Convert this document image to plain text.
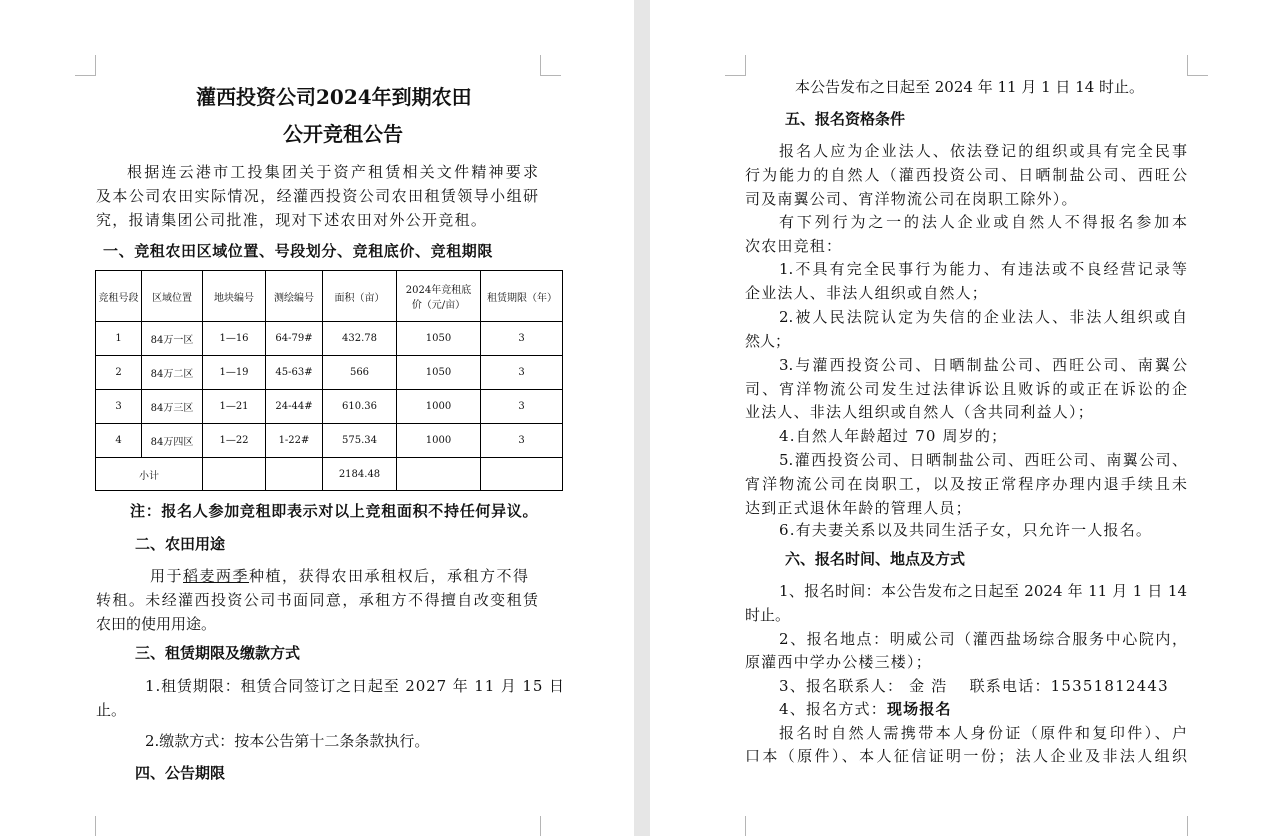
灌西投资公司2024年到期农田
公开竞租公告
根据连云港市工投集团关于资产租赁相关文件精神要求
及本公司农田实际情况，经灌西投资公司农田租赁领导小组研
究，报请集团公司批准，现对下述农田对外公开竞租。
一、竞租农田区域位置、号段划分、竞租底价、竞租期限
竞租号段	区域位置	地块编号	测绘编号	面积（亩）	2024年竞租底价（元/亩）	租赁期限（年）
1	84万一区	1—16	64-79#	432.78	1050	3
2	84万二区	1—19	45-63#	566	1050	3
3	84万三区	1—21	24-44#	610.36	1000	3
4	84万四区	1—22	1-22#	575.34	1000	3
小计				2184.48		
注：报名人参加竞租即表示对以上竞租面积不持任何异议。
二、农田用途
用于稻麦两季种植，获得农田承租权后，承租方不得
转租。未经灌西投资公司书面同意，承租方不得擅自改变租赁
农田的使用用途。
三、租赁期限及缴款方式
1.租赁期限：租赁合同签订之日起至 2027 年 11 月 15 日
止。
2.缴款方式：按本公告第十二条条款执行。
四、公告期限
本公告发布之日起至 2024 年 11 月 1 日 14 时止。
五、报名资格条件
报名人应为企业法人、依法登记的组织或具有完全民事
行为能力的自然人（灌西投资公司、日晒制盐公司、西旺公
司及南翼公司、宵洋物流公司在岗职工除外）。
有下列行为之一的法人企业或自然人不得报名参加本
次农田竞租：
1.不具有完全民事行为能力、有违法或不良经营记录等
企业法人、非法人组织或自然人；
2.被人民法院认定为失信的企业法人、非法人组织或自
然人；
3.与灌西投资公司、日晒制盐公司、西旺公司、南翼公
司、宵洋物流公司发生过法律诉讼且败诉的或正在诉讼的企
业法人、非法人组织或自然人（含共同利益人）；
4.自然人年龄超过 70 周岁的；
5.灌西投资公司、日晒制盐公司、西旺公司、南翼公司、
宵洋物流公司在岗职工，以及按正常程序办理内退手续且未
达到正式退休年龄的管理人员；
6.有夫妻关系以及共同生活子女，只允许一人报名。
六、报名时间、地点及方式
1、报名时间：本公告发布之日起至 2024 年 11 月 1 日 14
时止。
2、报名地点：明威公司（灌西盐场综合服务中心院内，
原灌西中学办公楼三楼）；
3、报名联系人： 金 浩　 联系电话：15351812443
4、报名方式：现场报名
报名时自然人需携带本人身份证（原件和复印件）、户
口本（原件）、本人征信证明一份；法人企业及非法人组织
